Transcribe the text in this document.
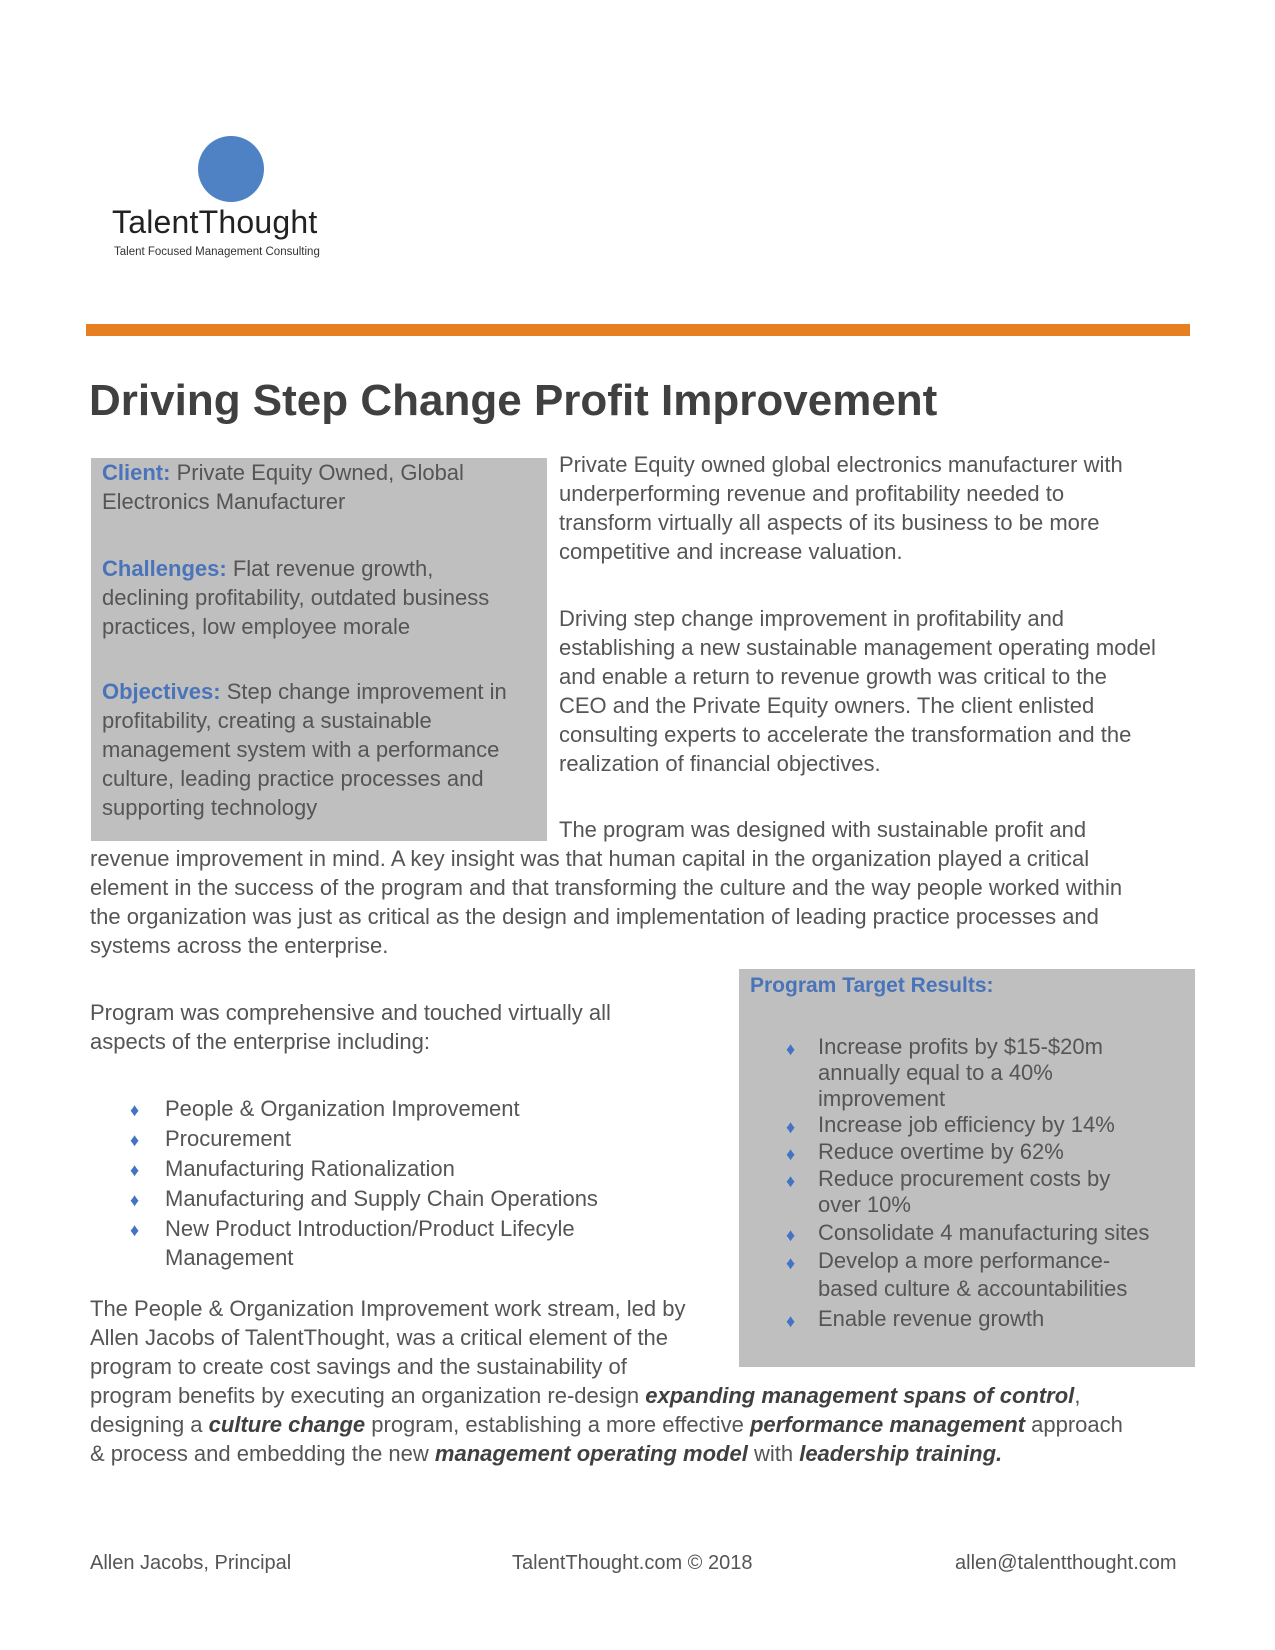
TalentThought
Talent Focused Management Consulting
Driving Step Change Profit Improvement
Client: Private Equity Owned, Global
Electronics Manufacturer
Challenges: Flat revenue growth,
declining profitability, outdated business
practices, low employee morale
Objectives: Step change improvement in
profitability, creating a sustainable
management system with a performance
culture, leading practice processes and
supporting technology
Private Equity owned global electronics manufacturer with
underperforming revenue and profitability needed to
transform virtually all aspects of its business to be more
competitive and increase valuation.
Driving step change improvement in profitability and
establishing a new sustainable management operating model
and enable a return to revenue growth was critical to the
CEO and the Private Equity owners. The client enlisted
consulting experts to accelerate the transformation and the
realization of financial objectives.
The program was designed with sustainable profit and
revenue improvement in mind. A key insight was that human capital in the organization played a critical
element in the success of the program and that transforming the culture and the way people worked within
the organization was just as critical as the design and implementation of leading practice processes and
systems across the enterprise.
Program was comprehensive and touched virtually all
aspects of the enterprise including:
♦ People & Organization Improvement
♦ Procurement
♦ Manufacturing Rationalization
♦ Manufacturing and Supply Chain Operations
♦ New Product Introduction/Product Lifecyle
Management
Program Target Results:
♦ Increase profits by $15-$20m
annually equal to a 40%
improvement
♦ Increase job efficiency by 14%
♦ Reduce overtime by 62%
♦ Reduce procurement costs by
over 10%
♦ Consolidate 4 manufacturing sites
♦ Develop a more performance-
based culture & accountabilities
♦ Enable revenue growth
The People & Organization Improvement work stream, led by
Allen Jacobs of TalentThought, was a critical element of the
program to create cost savings and the sustainability of
program benefits by executing an organization re-design expanding management spans of control,
designing a culture change program, establishing a more effective performance management approach
& process and embedding the new management operating model with leadership training.
Allen Jacobs, Principal	TalentThought.com © 2018	allen@talentthought.com
